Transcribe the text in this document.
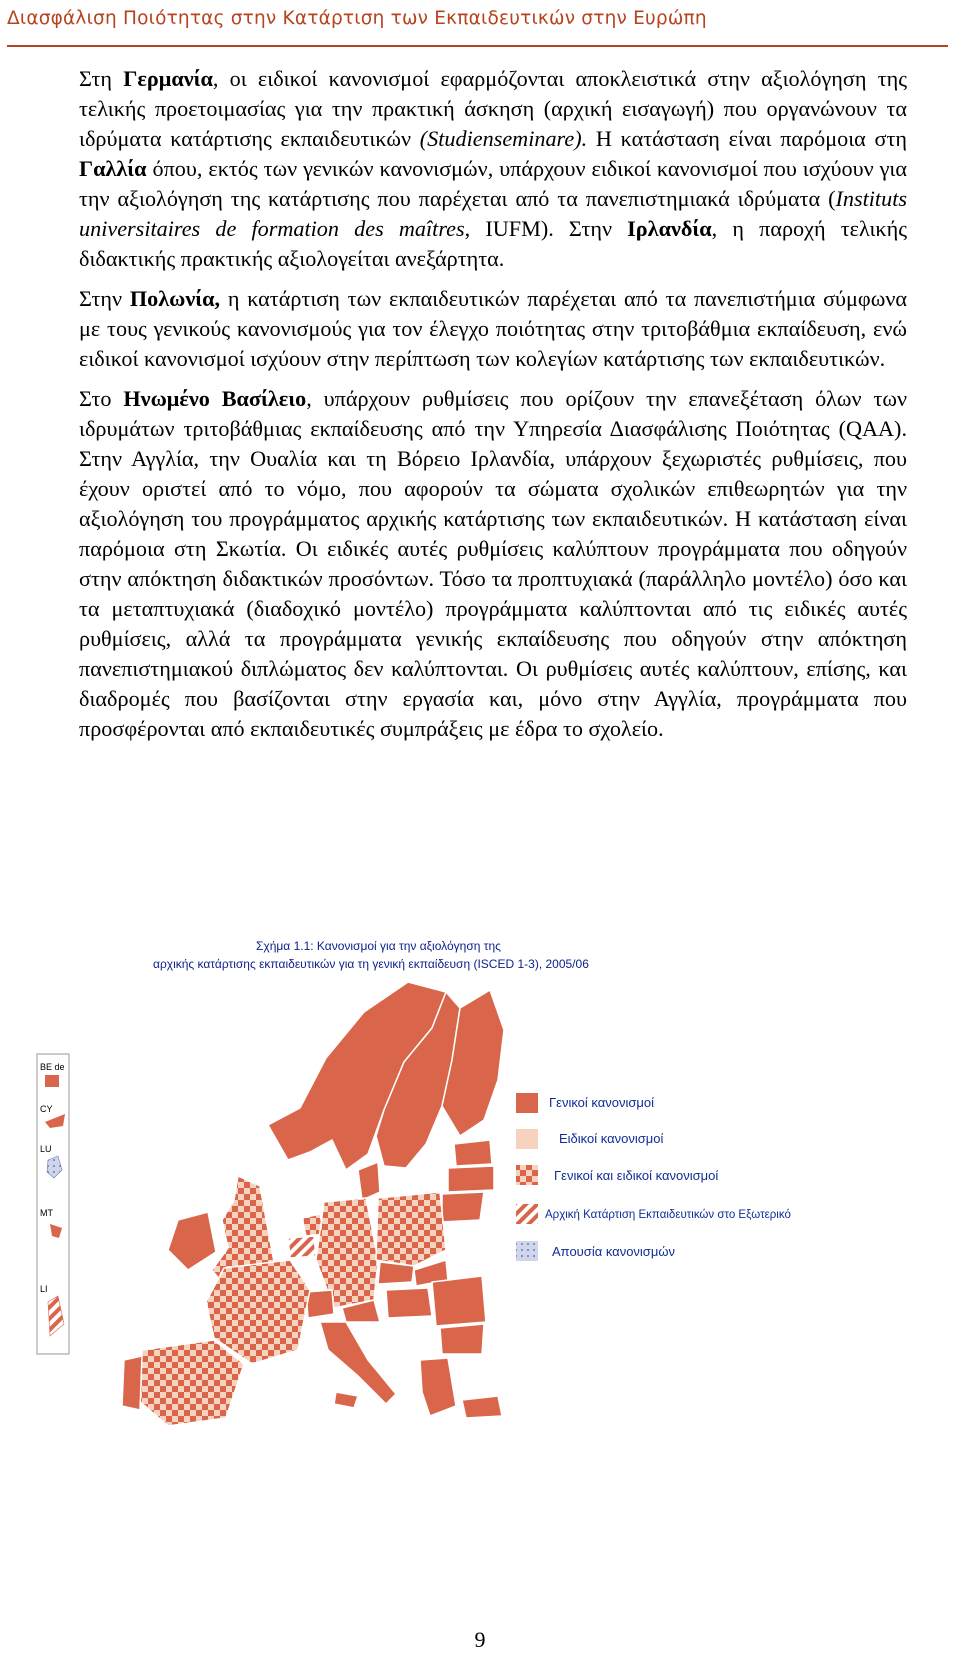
Διασφάλιση Ποιότητας στην Κατάρτιση των Εκπαιδευτικών στην Ευρώπη

Στη Γερμανία, οι ειδικοί κανονισμοί εφαρμόζονται αποκλειστικά στην αξιολόγηση της τελικής προετοιμασίας για την πρακτική άσκηση (αρχική εισαγωγή) που οργανώνουν τα ιδρύματα κατάρτισης εκπαιδευτικών (Studienseminare). Η κατάσταση είναι παρόμοια στη Γαλλία όπου, εκτός των γενικών κανονισμών, υπάρχουν ειδικοί κανονισμοί που ισχύουν για την αξιολόγηση της κατάρτισης που παρέχεται από τα πανεπιστημιακά ιδρύματα (Instituts universitaires de formation des maîtres, IUFM). Στην Ιρλανδία, η παροχή τελικής διδακτικής πρακτικής αξιολογείται ανεξάρτητα.

Στην Πολωνία, η κατάρτιση των εκπαιδευτικών παρέχεται από τα πανεπιστήμια σύμφωνα με τους γενικούς κανονισμούς για τον έλεγχο ποιότητας στην τριτοβάθμια εκπαίδευση, ενώ ειδικοί κανονισμοί ισχύουν στην περίπτωση των κολεγίων κατάρτισης των εκπαιδευτικών.

Στο Ηνωμένο Βασίλειο, υπάρχουν ρυθμίσεις που ορίζουν την επανεξέταση όλων των ιδρυμάτων τριτοβάθμιας εκπαίδευσης από την Υπηρεσία Διασφάλισης Ποιότητας (QAA). Στην Αγγλία, την Ουαλία και τη Βόρειο Ιρλανδία, υπάρχουν ξεχωριστές ρυθμίσεις, που έχουν οριστεί από το νόμο, που αφορούν τα σώματα σχολικών επιθεωρητών για την αξιολόγηση του προγράμματος αρχικής κατάρτισης των εκπαιδευτικών. Η κατάσταση είναι παρόμοια στη Σκωτία. Οι ειδικές αυτές ρυθμίσεις καλύπτουν προγράμματα που οδηγούν στην απόκτηση διδακτικών προσόντων. Τόσο τα προπτυχιακά (παράλληλο μοντέλο) όσο και τα μεταπτυχιακά (διαδοχικό μοντέλο) προγράμματα καλύπτονται από τις ειδικές αυτές ρυθμίσεις, αλλά τα προγράμματα γενικής εκπαίδευσης που οδηγούν στην απόκτηση πανεπιστημιακού διπλώματος δεν καλύπτονται. Οι ρυθμίσεις αυτές καλύπτουν, επίσης, και διαδρομές που βασίζονται στην εργασία και, μόνο στην Αγγλία, προγράμματα που προσφέρονται από εκπαιδευτικές συμπράξεις με έδρα το σχολείο.

Σχήμα 1.1: Κανονισμοί για την αξιολόγηση της
αρχικής κατάρτισης εκπαιδευτικών για τη γενική εκπαίδευση (ISCED 1-3), 2005/06
BE de
CY
LU
MT
LI
Γενικοί κανονισμοί
Ειδικοί κανονισμοί
Γενικοί και ειδικοί κανονισμοί
Αρχική Κατάρτιση Εκπαιδευτικών στο Εξωτερικό
Απουσία κανονισμών
9
